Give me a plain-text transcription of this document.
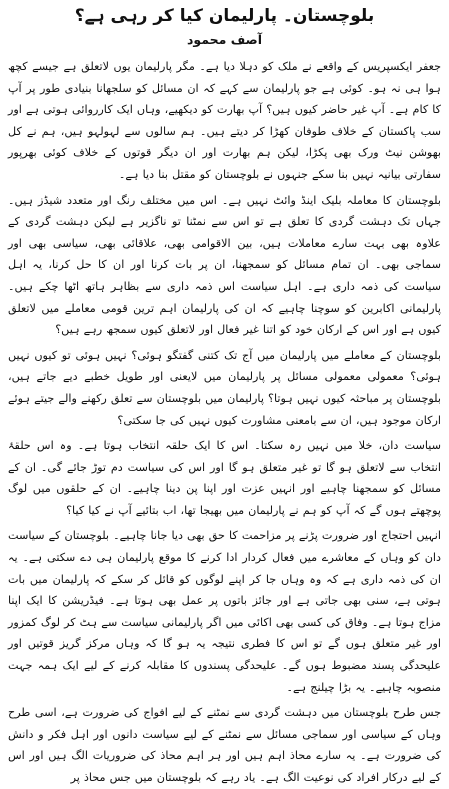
بلوچستان۔ پارلیمان کیا کر رہی ہے؟
آصف محمود

جعفر ایکسپریس کے واقعے نے ملک کو دہلا دیا ہے۔ مگر پارلیمان یوں لاتعلق ہے جیسے کچھ ہوا ہی نہ ہو۔ کوئی ہے جو پارلیمان سے کہے کہ ان مسائل کو سلجھانا بنیادی طور پر آپ کا کام ہے۔ آپ غیر حاضر کیوں ہیں؟ آپ بھارت کو دیکھیے، وہاں ایک کارروائی ہوتی ہے اور سب پاکستان کے خلاف طوفان کھڑا کر دیتے ہیں۔ ہم سالوں سے لہولہو ہیں، ہم نے کل بھوشن نیٹ ورک بھی پکڑا، لیکن ہم بھارت اور ان دیگر قوتوں کے خلاف کوئی بھرپور سفارتی بیانیہ نہیں بنا سکے جنہوں نے بلوچستان کو مقتل بنا دیا ہے۔

بلوچستان کا معاملہ بلیک اینڈ وائٹ نہیں ہے۔ اس میں مختلف رنگ اور متعدد شیڈز ہیں۔ جہاں تک دہشت گردی کا تعلق ہے تو اس سے نمٹنا تو ناگزیر ہے لیکن دہشت گردی کے علاوہ بھی بہت سارے معاملات ہیں، بین الاقوامی بھی، علاقائی بھی، سیاسی بھی اور سماجی بھی۔ ان تمام مسائل کو سمجھنا، ان پر بات کرنا اور ان کا حل کرنا، یہ اہل سیاست کی ذمہ داری ہے۔ اہل سیاست اس ذمہ داری سے بظاہر ہاتھ اٹھا چکے ہیں۔ پارلیمانی اکابرین کو سوچنا چاہیے کہ ان کی پارلیمان اہم ترین قومی معاملے میں لاتعلق کیوں ہے اور اس کے ارکان خود کو اتنا غیر فعال اور لاتعلق کیوں سمجھ رہے ہیں؟

بلوچستان کے معاملے میں پارلیمان میں آج تک کتنی گفتگو ہوئی؟ نہیں ہوئی تو کیوں نہیں ہوئی؟ معمولی معمولی مسائل پر پارلیمان میں لایعنی اور طویل خطبے دیے جاتے ہیں، بلوچستان پر مباحثہ کیوں نہیں ہوتا؟ پارلیمان میں بلوچستان سے تعلق رکھنے والے جیتے ہوئے ارکان موجود ہیں، ان سے بامعنی مشاورت کیوں نہیں کی جا سکتی؟

سیاست دان، خلا میں نہیں رہ سکتا۔ اس کا ایک حلقہ انتخاب ہوتا ہے۔ وہ اس حلقۂ انتخاب سے لاتعلق ہو گا تو غیر متعلق ہو گا اور اس کی سیاست دم توڑ جائے گی۔ ان کے مسائل کو سمجھنا چاہیے اور انہیں عزت اور اپنا پن دینا چاہیے۔ ان کے حلقوں میں لوگ پوچھتے ہوں گے کہ آپ کو ہم نے پارلیمان میں بھیجا تھا، اب بتائیے آپ نے کیا کیا؟

انہیں احتجاج اور ضرورت پڑنے پر مزاحمت کا حق بھی دیا جانا چاہیے۔ بلوچستان کے سیاست دان کو وہاں کے معاشرے میں فعال کردار ادا کرنے کا موقع پارلیمان ہی دے سکتی ہے۔ یہ ان کی ذمہ داری ہے کہ وہ وہاں جا کر اپنے لوگوں کو قائل کر سکے کہ پارلیمان میں بات ہوتی ہے، سنی بھی جاتی ہے اور جائز باتوں پر عمل بھی ہوتا ہے۔ فیڈریشن کا ایک اپنا مزاج ہوتا ہے۔ وفاق کی کسی بھی اکائی میں اگر پارلیمانی سیاست سے ہٹ کر لوگ کمزور اور غیر متعلق ہوں گے تو اس کا فطری نتیجہ یہ ہو گا کہ وہاں مرکز گریز قوتیں اور علیحدگی پسند مضبوط ہوں گے۔ علیحدگی پسندوں کا مقابلہ کرنے کے لیے ایک ہمہ جہت منصوبہ چاہیے۔ یہ بڑا چیلنج ہے۔

جس طرح بلوچستان میں دہشت گردی سے نمٹنے کے لیے افواج کی ضرورت ہے، اسی طرح وہاں کے سیاسی اور سماجی مسائل سے نمٹنے کے لیے سیاست دانوں اور اہل فکر و دانش کی ضرورت ہے۔ یہ سارے محاذ اہم ہیں اور ہر اہم محاذ کی ضروریات الگ ہیں اور اس کے لیے درکار افراد کی نوعیت الگ ہے۔ یاد رہے کہ بلوچستان میں جس محاذ پر
